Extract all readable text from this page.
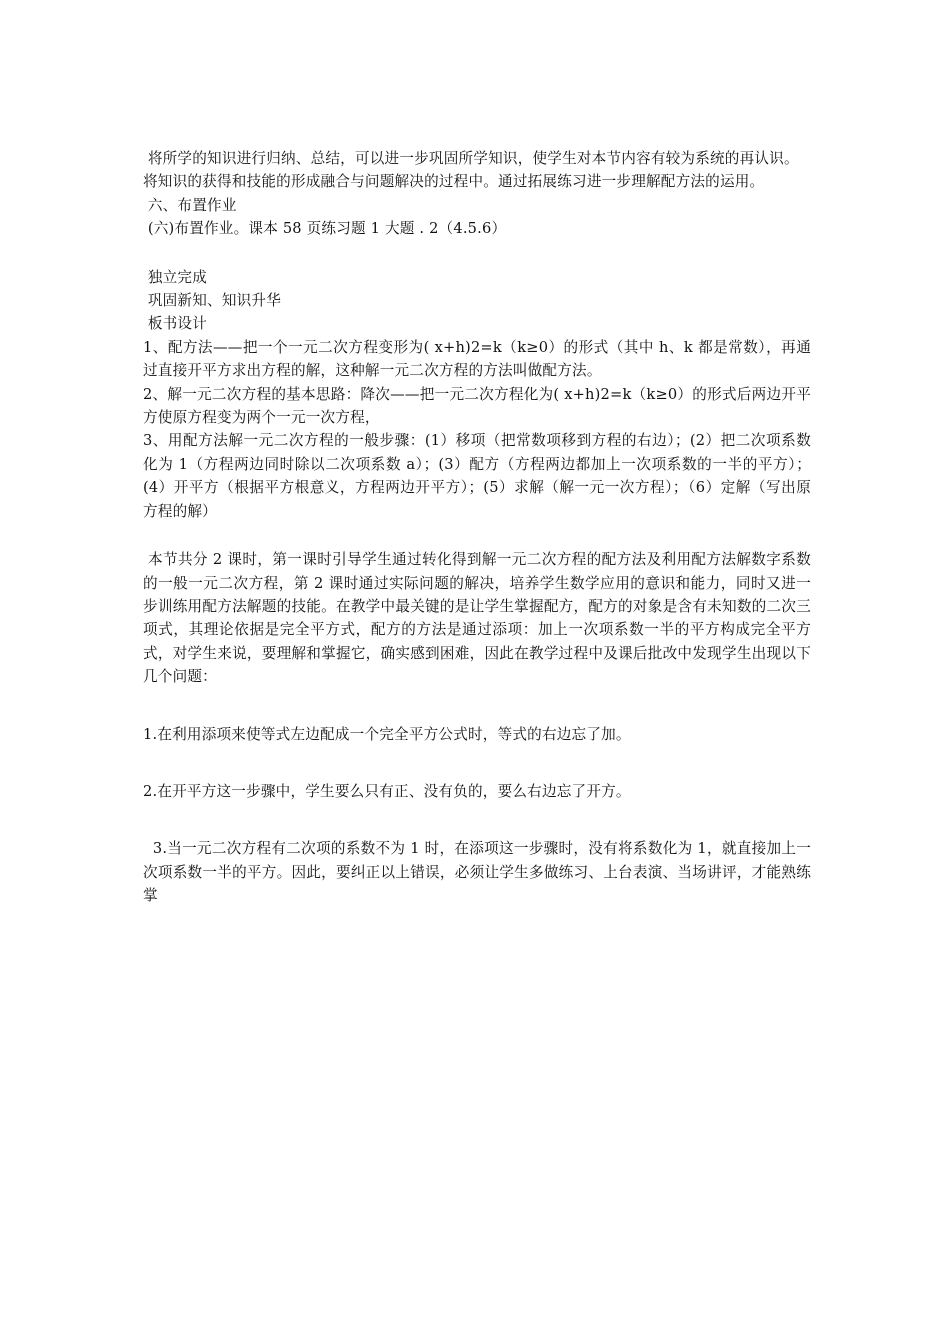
将所学的知识进行归纳、总结，可以进一步巩固所学知识，使学生对本节内容有较为系统的再认识。

将知识的获得和技能的形成融合与问题解决的过程中。通过拓展练习进一步理解配方法的运用。

六、布置作业

(六)布置作业。课本 58 页练习题 1 大题 . 2（4.5.6）

独立完成

巩固新知、知识升华

板书设计

1、配方法——把一个一元二次方程变形为( x+h)2=k（k≥0）的形式（其中 h、k 都是常数），再通过直接开平方求出方程的解，这种解一元二次方程的方法叫做配方法。

2、解一元二次方程的基本思路：降次——把一元二次方程化为( x+h)2=k（k≥0）的形式后两边开平方使原方程变为两个一元一次方程，

3、用配方法解一元二次方程的一般步骤：(1）移项（把常数项移到方程的右边）；(2）把二次项系数化为 1（方程两边同时除以二次项系数 a）；(3）配方（方程两边都加上一次项系数的一半的平方）；(4）开平方（根据平方根意义，方程两边开平方）；(5）求解（解一元一次方程）；（6）定解（写出原方程的解）

本节共分 2 课时，第一课时引导学生通过转化得到解一元二次方程的配方法及利用配方法解数字系数的一般一元二次方程，第 2 课时通过实际问题的解决，培养学生数学应用的意识和能力，同时又进一步训练用配方法解题的技能。在教学中最关键的是让学生掌握配方，配方的对象是含有未知数的二次三项式，其理论依据是完全平方式，配方的方法是通过添项：加上一次项系数一半的平方构成完全平方式，对学生来说，要理解和掌握它，确实感到困难，因此在教学过程中及课后批改中发现学生出现以下几个问题：

1.在利用添项来使等式左边配成一个完全平方公式时，等式的右边忘了加。

2.在开平方这一步骤中，学生要么只有正、没有负的，要么右边忘了开方。

3.当一元二次方程有二次项的系数不为 1 时，在添项这一步骤时，没有将系数化为 1，就直接加上一次项系数一半的平方。因此，要纠正以上错误，必须让学生多做练习、上台表演、当场讲评，才能熟练掌
